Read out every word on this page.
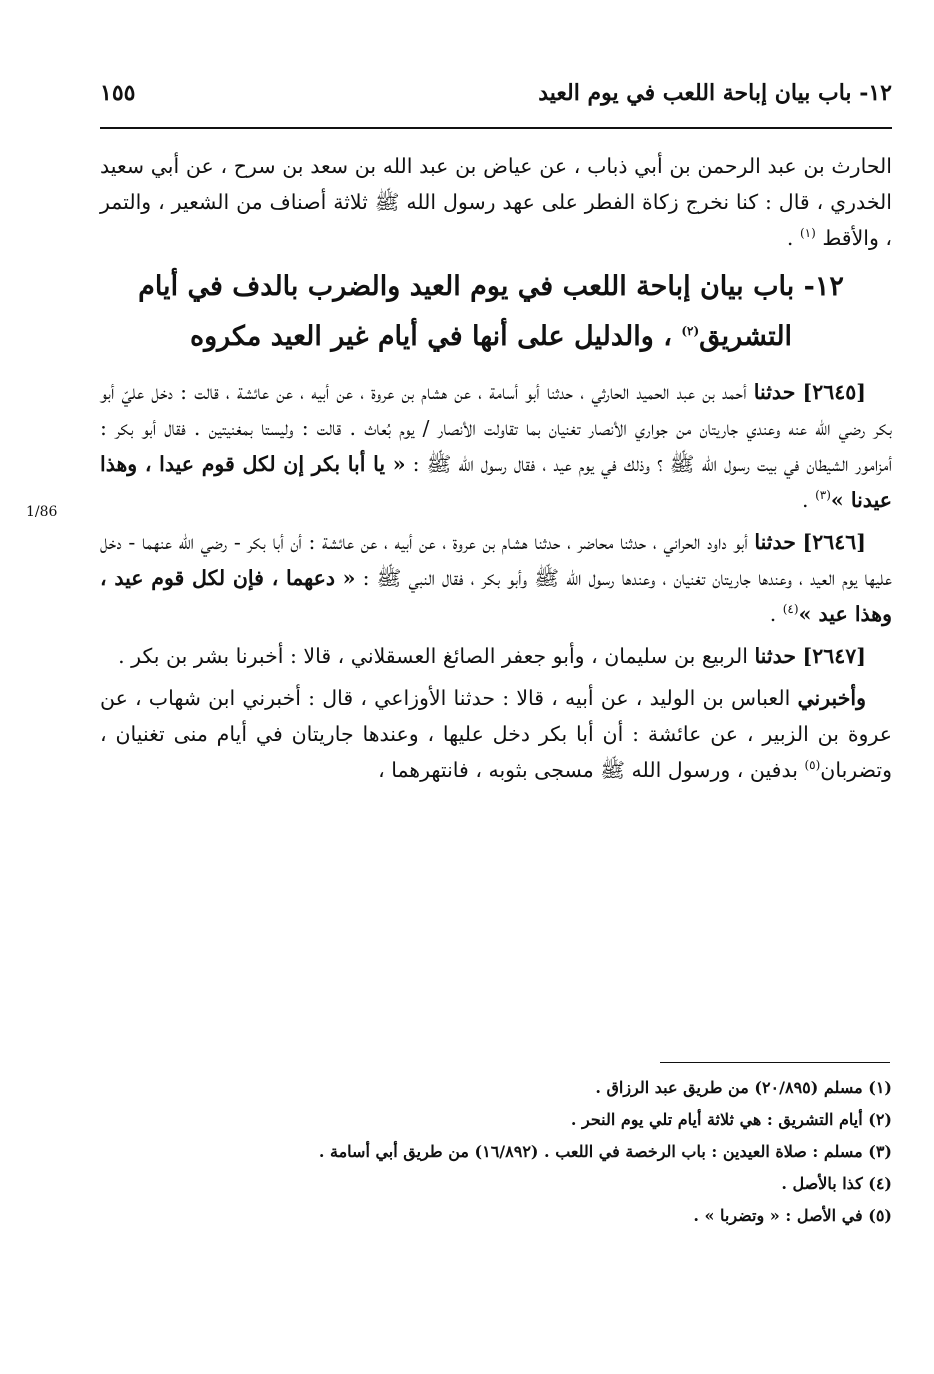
١٢- باب بيان إباحة اللعب في يوم العيد
١٥٥

الحارث بن عبد الرحمن بن أبي ذباب ، عن عياض بن عبد الله بن سعد بن سرح ، عن أبي سعيد الخدري ، قال : كنا نخرج زكاة الفطر على عهد رسول الله ﷺ ثلاثة أصناف من الشعير ، والتمر ، والأقط $^{(١)}$ .

١٢- باب بيان إباحة اللعب في يوم العيد والضرب بالدف في أيام التشريق$^{(٢)}$ ، والدليل على أنها في أيام غير العيد مكروه

[٢٦٤٥] حدثنا أحمد بن عبد الحميد الحارثي ، حدثنا أبو أسامة ، عن هشام بن عروة ، عن أبيه ، عن عائشة ، قالت : دخل عليّ أبو بكر رضي الله عنه وعندي جاريتان من جواري الأنصار تغنيان بما تقاولت الأنصار / يوم بُعاث . قالت : وليستا بمغنيتين . فقال أبو بكر : أمزامور الشيطان في بيت رسول الله ﷺ ؟ وذلك في يوم عيد ، فقال رسول الله ﷺ : « يا أبا بكر إن لكل قوم عيدا ، وهذا عيدنا »$^{(٣)}$ .

[٢٦٤٦] حدثنا أبو داود الحراني ، حدثنا محاضر ، حدثنا هشام بن عروة ، عن أبيه ، عن عائشة : أن أبا بكر - رضي الله عنهما - دخل عليها يوم العيد ، وعندها جاريتان تغنيان ، وعندها رسول الله ﷺ وأبو بكر ، فقال النبي ﷺ : « دعهما ، فإن لكل قوم عيد ، وهذا عيد »$^{(٤)}$ .

[٢٦٤٧] حدثنا الربيع بن سليمان ، وأبو جعفر الصائغ العسقلاني ، قالا : أخبرنا بشر بن بكر .

وأخبرني العباس بن الوليد ، عن أبيه ، قالا : حدثنا الأوزاعي ، قال : أخبرني ابن شهاب ، عن عروة بن الزبير ، عن عائشة : أن أبا بكر دخل عليها ، وعندها جاريتان في أيام منى تغنيان ، وتضربان$^{(٥)}$ بدفين ، ورسول الله ﷺ مسجى بثوبه ، فانتهرهما ،

1/86

(١) مسلم (٢٠/٨٩٥) من طريق عبد الرزاق .

(٢) أيام التشريق : هي ثلاثة أيام تلي يوم النحر .

(٣) مسلم : صلاة العيدين : باب الرخصة في اللعب . (١٦/٨٩٢) من طريق أبي أسامة .

(٤) كذا بالأصل .

(٥) في الأصل : « وتضربا » .
